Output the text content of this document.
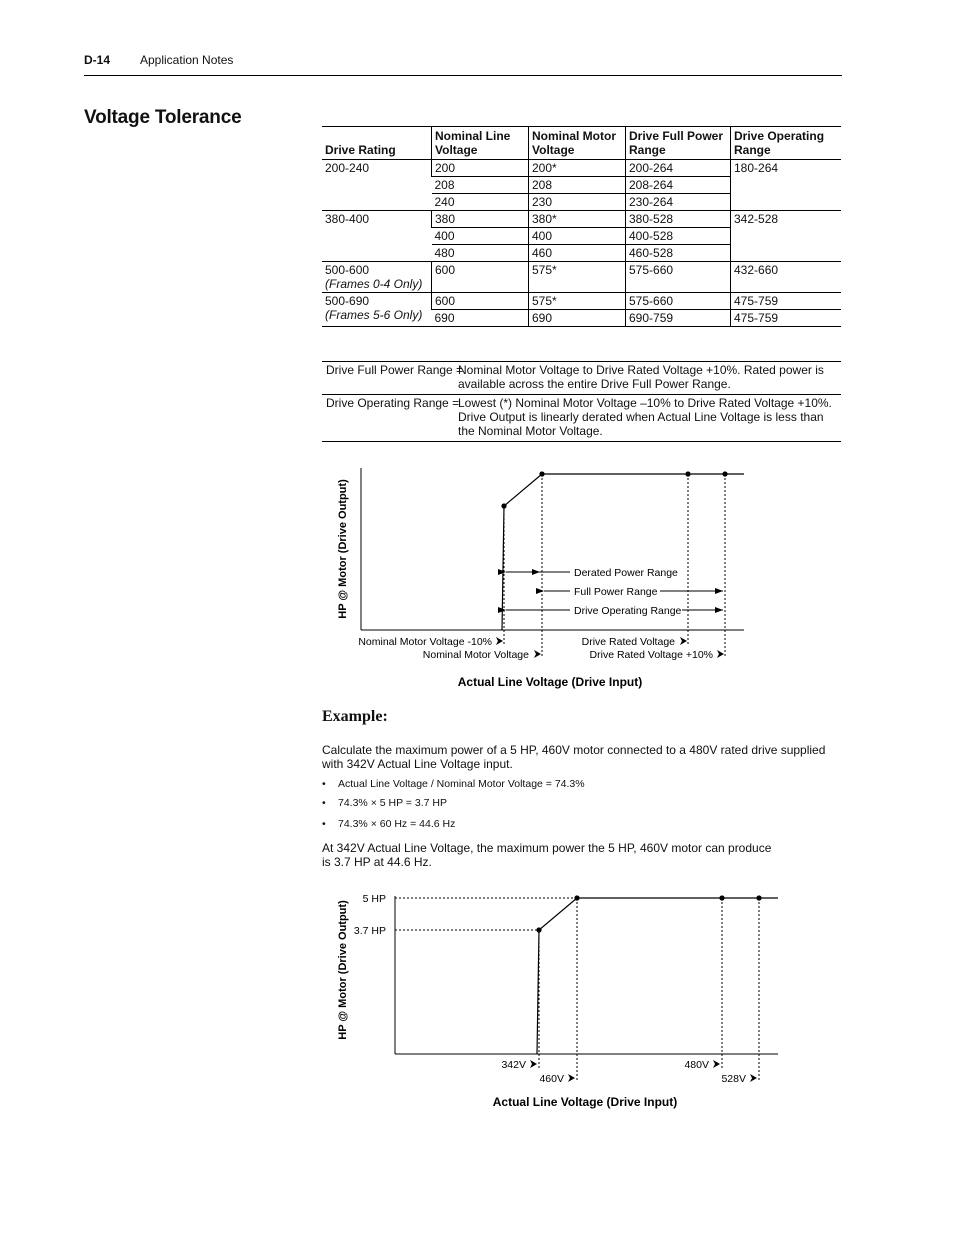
D-14 Application Notes
Voltage Tolerance
Drive Rating	Nominal Line Voltage	Nominal Motor Voltage	Drive Full Power Range	Drive Operating Range
200-240	200	200*	200-264	180-264
	208	208	208-264	
	240	230	230-264	
380-400	380	380*	380-528	342-528
	400	400	400-528	
	480	460	460-528	
500-600
(Frames 0-4 Only)	600	575*	575-660	432-660
500-690
(Frames 5-6 Only)	600	575*	575-660	475-759
	690	690	690-759	475-759
Drive Full Power Range =
Nominal Motor Voltage to Drive Rated Voltage +10%. Rated power is available across the entire Drive Full Power Range.
Drive Operating Range =
Lowest (*) Nominal Motor Voltage –10% to Drive Rated Voltage +10%. Drive Output is linearly derated when Actual Line Voltage is less than the Nominal Motor Voltage.
Derated Power Range
Full Power Range
Drive Operating Range
Nominal Motor Voltage -10%
Nominal Motor Voltage
Drive Rated Voltage
Drive Rated Voltage +10%
HP @ Motor (Drive Output)
Actual Line Voltage (Drive Input)
Example:
Calculate the maximum power of a 5 HP, 460V motor connected to a 480V rated drive supplied with 342V Actual Line Voltage input.
• Actual Line Voltage / Nominal Motor Voltage = 74.3%
• 74.3% × 5 HP = 3.7 HP
• 74.3% × 60 Hz = 44.6 Hz
At 342V Actual Line Voltage, the maximum power the 5 HP, 460V motor can produce is 3.7 HP at 44.6 Hz.
5 HP
3.7 HP
342V
460V
480V
528V
HP @ Motor (Drive Output)
Actual Line Voltage (Drive Input)
